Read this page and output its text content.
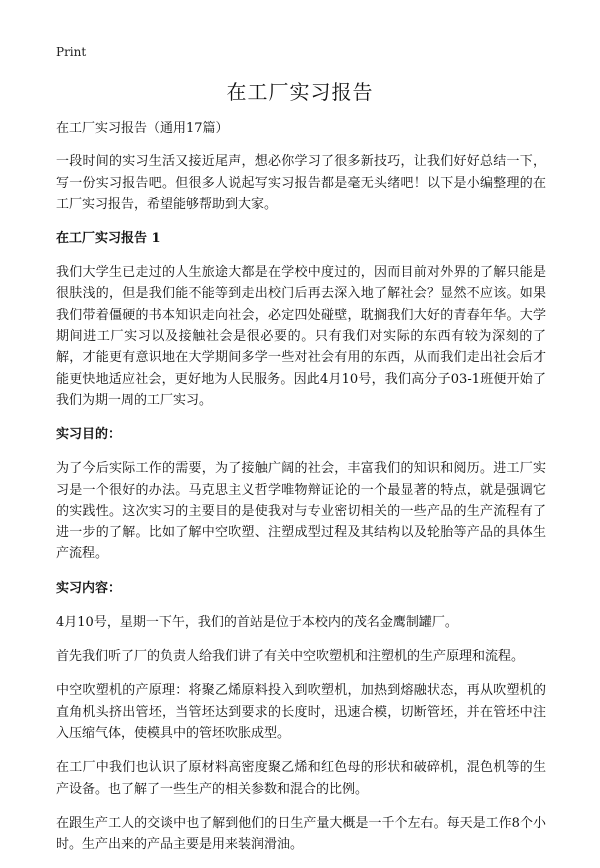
Print
在工厂实习报告

在工厂实习报告（通用17篇）

一段时间的实习生活又接近尾声，想必你学习了很多新技巧，让我们好好总结一下，写一份实习报告吧。但很多人说起写实习报告都是毫无头绪吧！以下是小编整理的在工厂实习报告，希望能够帮助到大家。

在工厂实习报告 1

我们大学生已走过的人生旅途大都是在学校中度过的，因而目前对外界的了解只能是很肤浅的，但是我们能不能等到走出校门后再去深入地了解社会？显然不应该。如果我们带着僵硬的书本知识走向社会，必定四处碰壁，耽搁我们大好的青春年华。大学期间进工厂实习以及接触社会是很必要的。只有我们对实际的东西有较为深刻的了解，才能更有意识地在大学期间多学一些对社会有用的东西，从而我们走出社会后才能更快地适应社会，更好地为人民服务。因此4月10号，我们高分子03-1班便开始了我们为期一周的工厂实习。

实习目的：

为了今后实际工作的需要，为了接触广阔的社会，丰富我们的知识和阅历。进工厂实习是一个很好的办法。马克思主义哲学唯物辩证论的一个最显著的特点，就是强调它的实践性。这次实习的主要目的是使我对与专业密切相关的一些产品的生产流程有了进一步的了解。比如了解中空吹塑、注塑成型过程及其结构以及轮胎等产品的具体生产流程。

实习内容：

4月10号，星期一下午，我们的首站是位于本校内的茂名金鹰制罐厂。

首先我们听了厂的负责人给我们讲了有关中空吹塑机和注塑机的生产原理和流程。

中空吹塑机的产原理：将聚乙烯原料投入到吹塑机，加热到熔融状态，再从吹塑机的直角机头挤出管坯，当管坯达到要求的长度时，迅速合模，切断管坯，并在管坯中注入压缩气体，使模具中的管坯吹胀成型。

在工厂中我们也认识了原材料高密度聚乙烯和红色母的形状和破碎机，混色机等的生产设备。也了解了一些生产的相关参数和混合的比例。

在跟生产工人的交谈中也了解到他们的日生产量大概是一千个左右。每天是工作8个小时。生产出来的产品主要是用来装润滑油。
